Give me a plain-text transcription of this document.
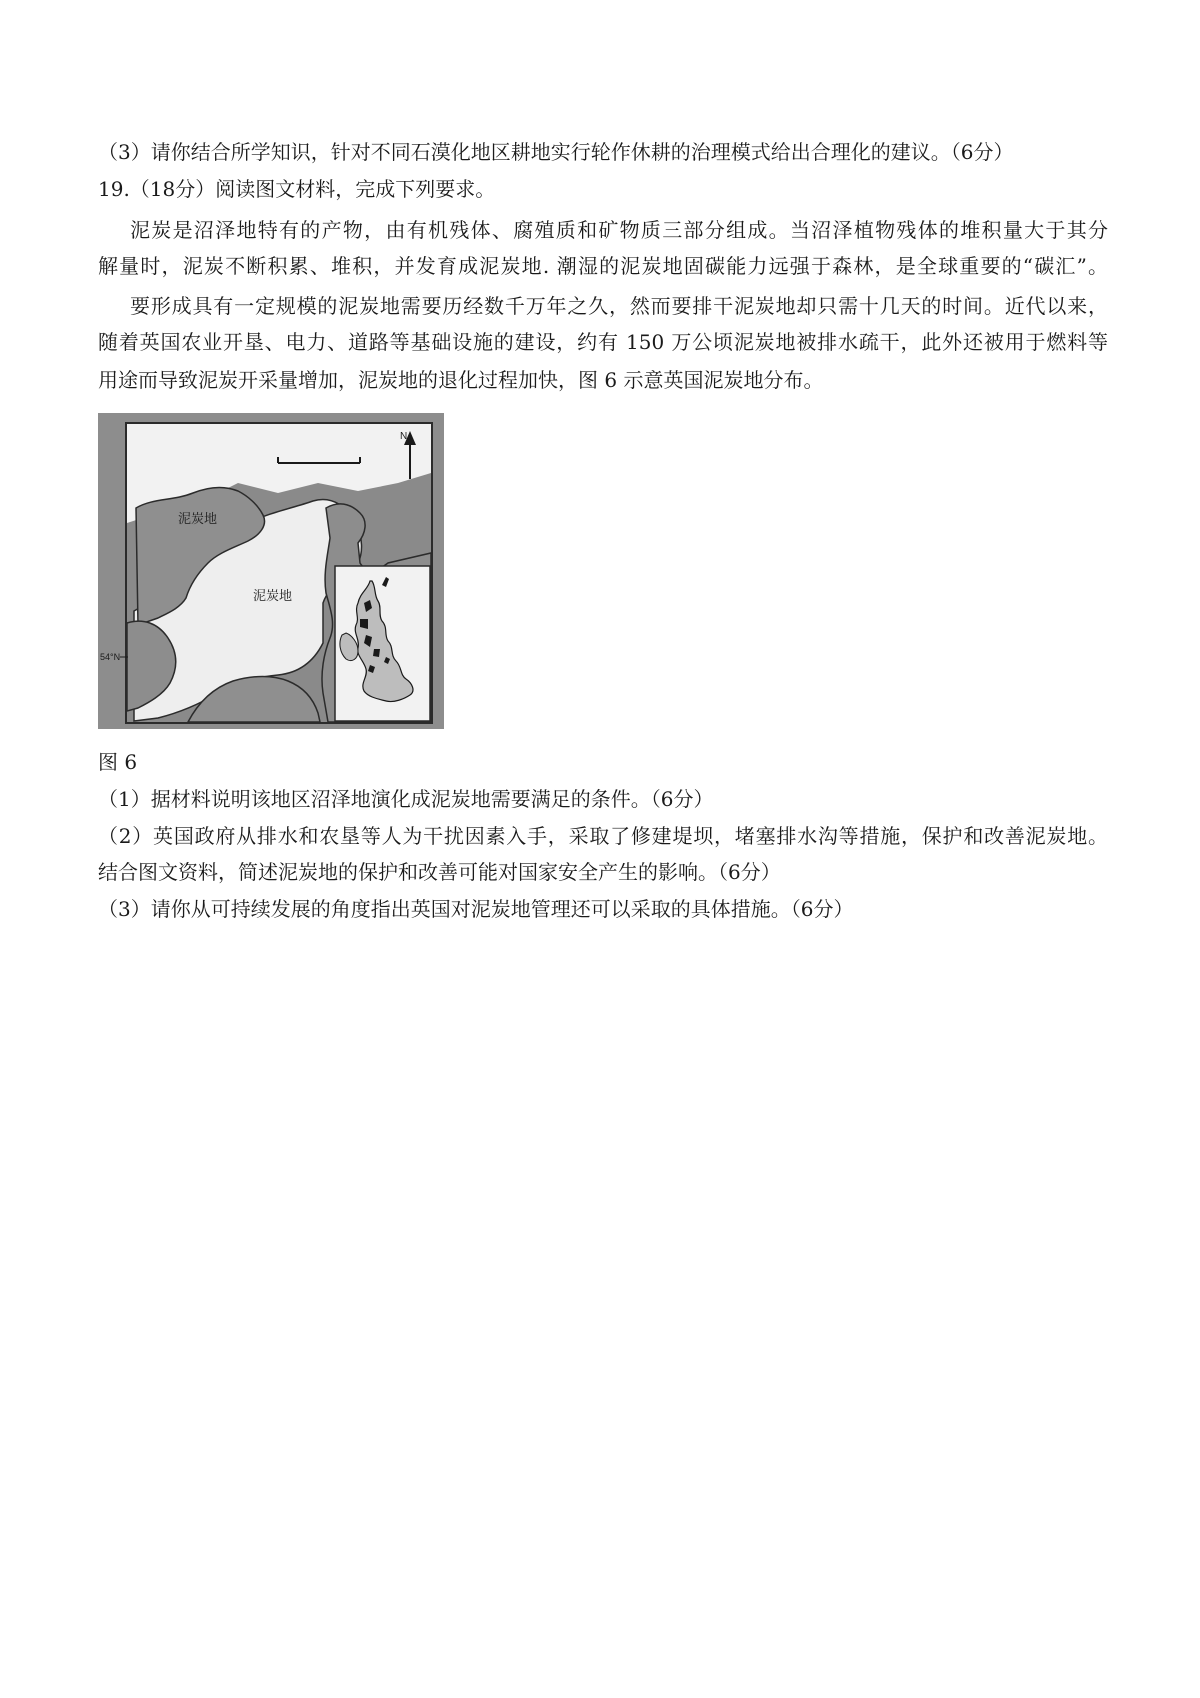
（3）请你结合所学知识，针对不同石漠化地区耕地实行轮作休耕的治理模式给出合理化的建议。（6分）
19.（18分）阅读图文材料，完成下列要求。
泥炭是沼泽地特有的产物，由有机残体、腐殖质和矿物质三部分组成。当沼泽植物残体的堆积量大于其分
解量时，泥炭不断积累、堆积，并发育成泥炭地. 潮湿的泥炭地固碳能力远强于森林，是全球重要的“碳汇”。
要形成具有一定规模的泥炭地需要历经数千万年之久，然而要排干泥炭地却只需十几天的时间。近代以来，
随着英国农业开垦、电力、道路等基础设施的建设，约有 150 万公顷泥炭地被排水疏干，此外还被用于燃料等
用途而导致泥炭开采量增加，泥炭地的退化过程加快，图 6 示意英国泥炭地分布。
N
泥炭地
泥炭地
54°N
图 6
（1）据材料说明该地区沼泽地演化成泥炭地需要满足的条件。（6分）
（2）英国政府从排水和农垦等人为干扰因素入手，采取了修建堤坝，堵塞排水沟等措施，保护和改善泥炭地。
结合图文资料，简述泥炭地的保护和改善可能对国家安全产生的影响。（6分）
（3）请你从可持续发展的角度指出英国对泥炭地管理还可以采取的具体措施。（6分）
